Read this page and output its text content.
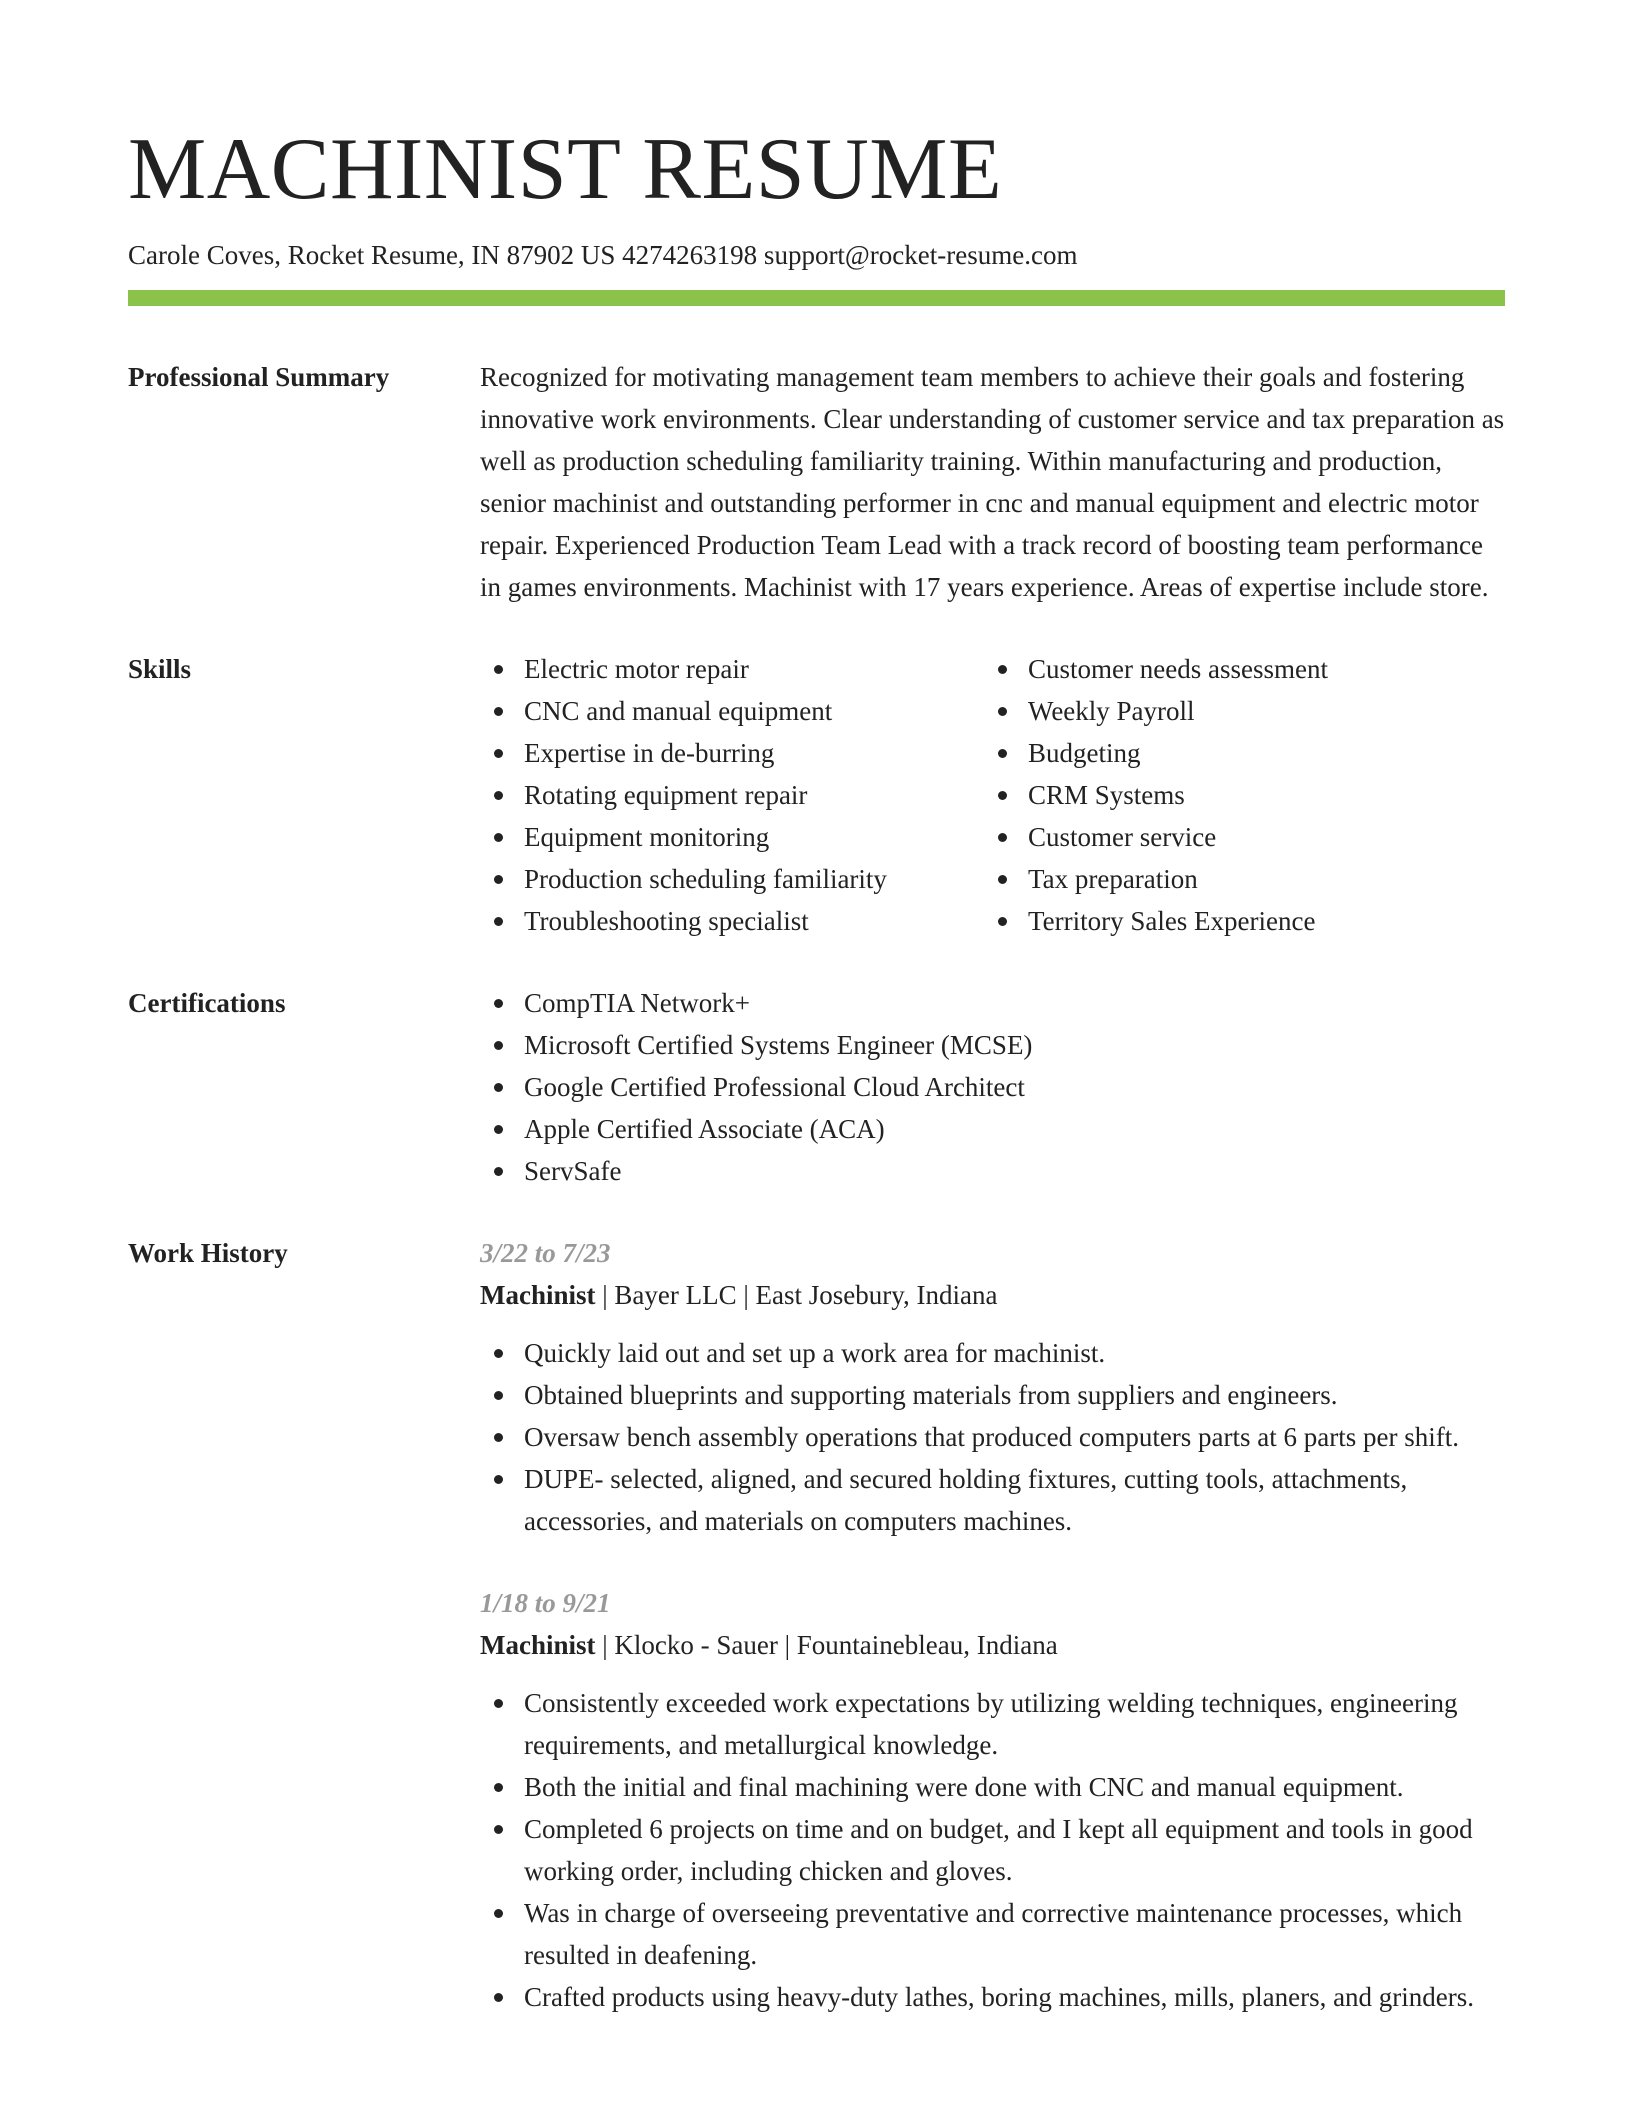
MACHINIST RESUME
Carole Coves, Rocket Resume, IN 87902 US 4274263198 support@rocket-resume.com
Professional Summary	Recognized for motivating management team members to achieve their goals and fostering innovative work environments. Clear understanding of customer service and tax preparation as well as production scheduling familiarity training. Within manufacturing and production, senior machinist and outstanding performer in cnc and manual equipment and electric motor repair. Experienced Production Team Lead with a track record of boosting team performance in games environments. Machinist with 17 years experience. Areas of expertise include store.

Skills	Electric motor repair
CNC and manual equipment
Expertise in de-burring
Rotating equipment repair
Equipment monitoring
Production scheduling familiarity
Troubleshooting specialist
Customer needs assessment
Weekly Payroll
Budgeting
CRM Systems
Customer service
Tax preparation
Territory Sales Experience
Certifications	CompTIA Network+
Microsoft Certified Systems Engineer (MCSE)
Google Certified Professional Cloud Architect
Apple Certified Associate (ACA)
ServSafe
Work History	3/22 to 7/23
Machinist | Bayer LLC | East Josebury, Indiana
Quickly laid out and set up a work area for machinist.
Obtained blueprints and supporting materials from suppliers and engineers.
Oversaw bench assembly operations that produced computers parts at 6 parts per shift.
DUPE- selected, aligned, and secured holding fixtures, cutting tools, attachments, accessories, and materials on computers machines.
1/18 to 9/21
Machinist | Klocko - Sauer | Fountainebleau, Indiana
Consistently exceeded work expectations by utilizing welding techniques, engineering requirements, and metallurgical knowledge.
Both the initial and final machining were done with CNC and manual equipment.
Completed 6 projects on time and on budget, and I kept all equipment and tools in good working order, including chicken and gloves.
Was in charge of overseeing preventative and corrective maintenance processes, which resulted in deafening.
Crafted products using heavy-duty lathes, boring machines, mills, planers, and grinders.
